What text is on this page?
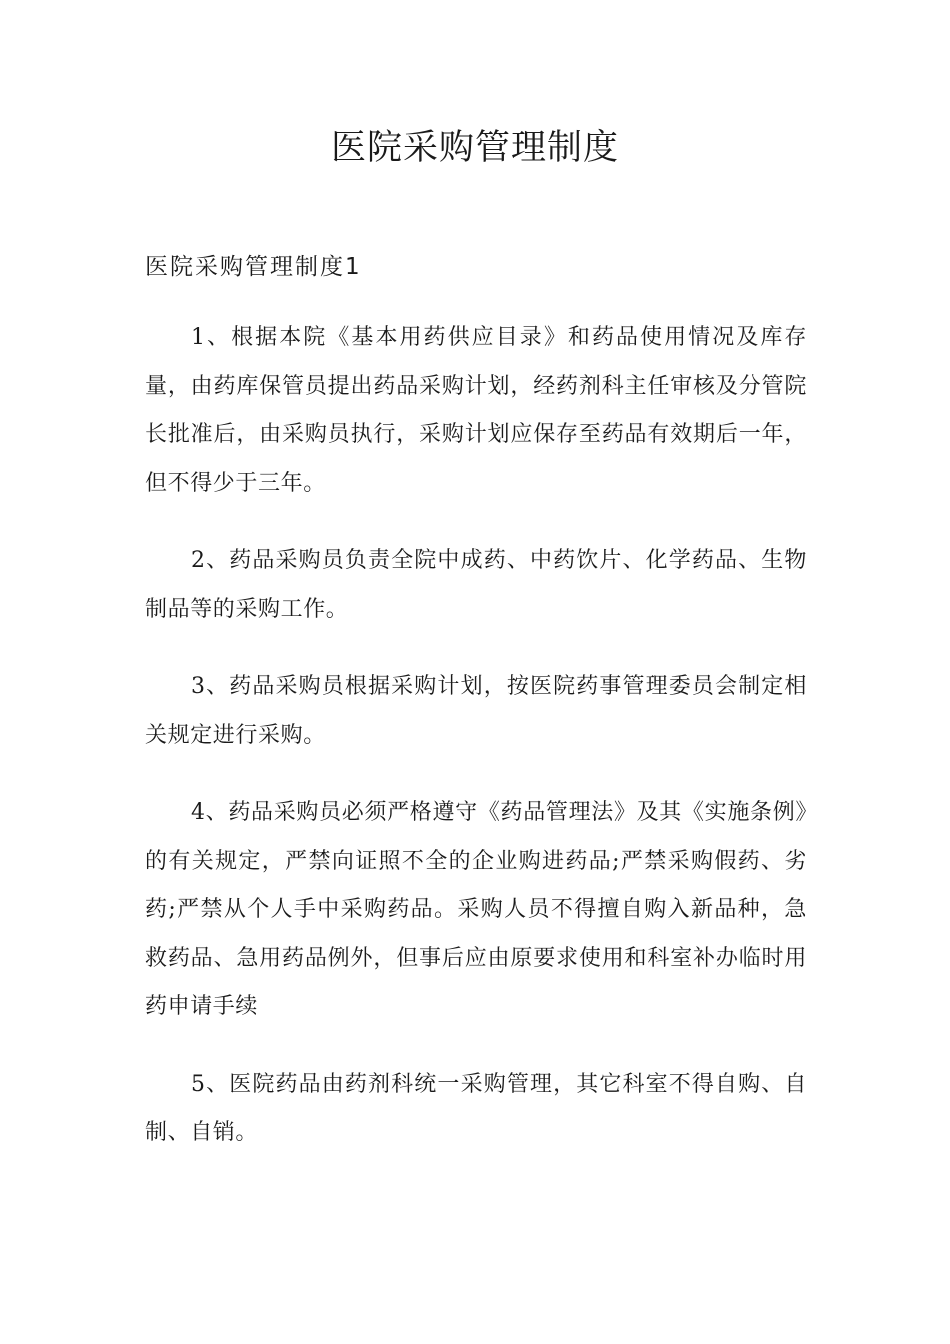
医院采购管理制度
医院采购管理制度1

1、根据本院《基本用药供应目录》和药品使用情况及库存量，由药库保管员提出药品采购计划，经药剂科主任审核及分管院长批准后，由采购员执行，采购计划应保存至药品有效期后一年，但不得少于三年。

2、药品采购员负责全院中成药、中药饮片、化学药品、生物制品等的采购工作。

3、药品采购员根据采购计划，按医院药事管理委员会制定相关规定进行采购。

4、药品采购员必须严格遵守《药品管理法》及其《实施条例》的有关规定，严禁向证照不全的企业购进药品;严禁采购假药、劣药;严禁从个人手中采购药品。采购人员不得擅自购入新品种，急救药品、急用药品例外，但事后应由原要求使用和科室补办临时用药申请手续

5、医院药品由药剂科统一采购管理，其它科室不得自购、自制、自销。
